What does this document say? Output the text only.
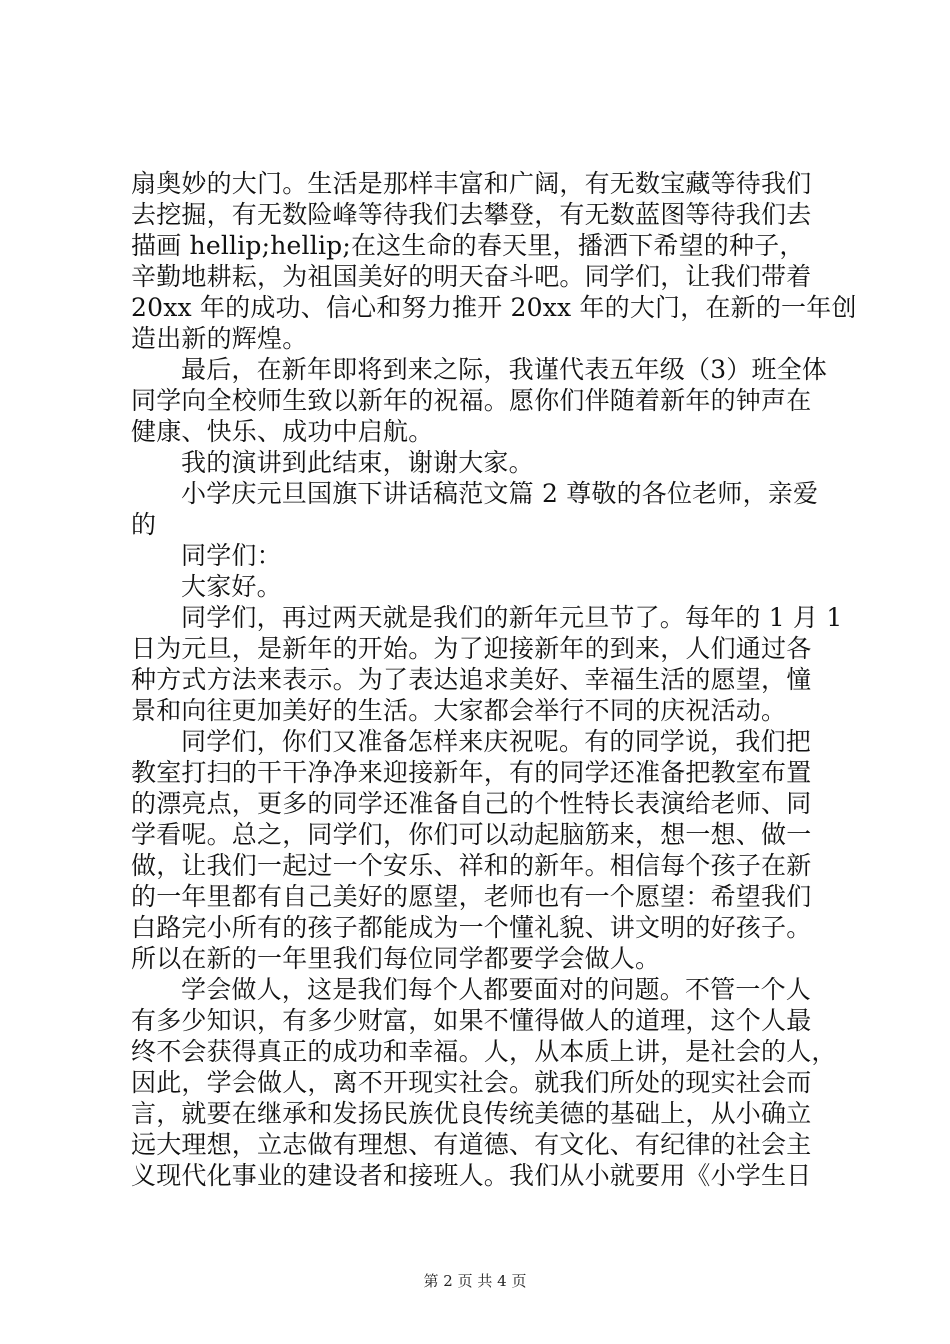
扇奥妙的大门。生活是那样丰富和广阔，有无数宝藏等待我们
去挖掘，有无数险峰等待我们去攀登，有无数蓝图等待我们去
描画 hellip;hellip;在这生命的春天里，播洒下希望的种子，
辛勤地耕耘，为祖国美好的明天奋斗吧。同学们，让我们带着
20xx 年的成功、信心和努力推开 20xx 年的大门，在新的一年创
造出新的辉煌。
最后，在新年即将到来之际，我谨代表五年级（3）班全体
同学向全校师生致以新年的祝福。愿你们伴随着新年的钟声在
健康、快乐、成功中启航。
我的演讲到此结束，谢谢大家。
小学庆元旦国旗下讲话稿范文篇 2 尊敬的各位老师，亲爱
的
同学们：
大家好。
同学们，再过两天就是我们的新年元旦节了。每年的 1 月 1
日为元旦，是新年的开始。为了迎接新年的到来，人们通过各
种方式方法来表示。为了表达追求美好、幸福生活的愿望，憧
景和向往更加美好的生活。大家都会举行不同的庆祝活动。
同学们，你们又准备怎样来庆祝呢。有的同学说，我们把
教室打扫的干干净净来迎接新年，有的同学还准备把教室布置
的漂亮点，更多的同学还准备自己的个性特长表演给老师、同
学看呢。总之，同学们，你们可以动起脑筋来，想一想、做一
做，让我们一起过一个安乐、祥和的新年。相信每个孩子在新
的一年里都有自己美好的愿望，老师也有一个愿望：希望我们
白路完小所有的孩子都能成为一个懂礼貌、讲文明的好孩子。
所以在新的一年里我们每位同学都要学会做人。
学会做人，这是我们每个人都要面对的问题。不管一个人
有多少知识，有多少财富，如果不懂得做人的道理，这个人最
终不会获得真正的成功和幸福。人，从本质上讲，是社会的人，
因此，学会做人，离不开现实社会。就我们所处的现实社会而
言，就要在继承和发扬民族优良传统美德的基础上，从小确立
远大理想，立志做有理想、有道德、有文化、有纪律的社会主
义现代化事业的建设者和接班人。我们从小就要用《小学生日
第 2 页 共 4 页
